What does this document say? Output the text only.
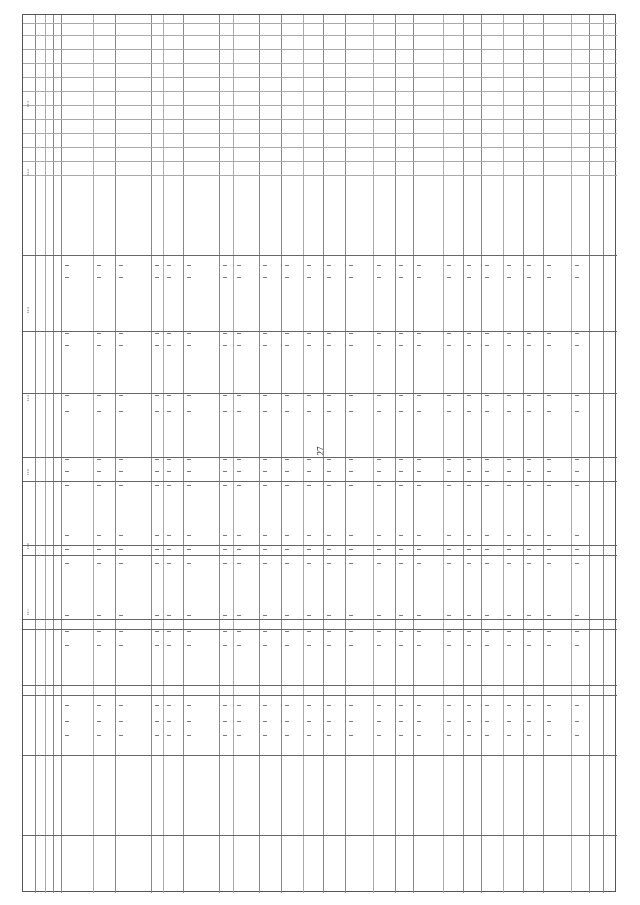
27
1.1.1
1.1.2
1.1.3
1.1.4
1.1.5
1.1.6
1.1.7
